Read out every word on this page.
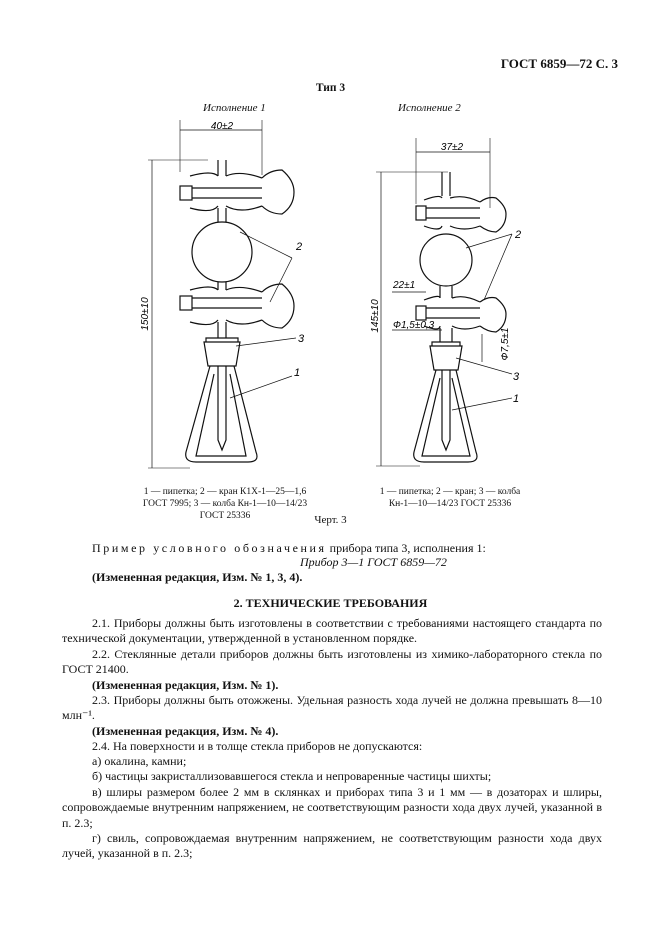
ГОСТ 6859—72 С. 3
Тип 3
Исполнение 1	Исполнение 2
40±2
150±10
2
3
1
37±2
145±10
22±1
Ф1,5±0,3
Ф7,5±1
2
3
1
1 — пипетка; 2 — кран К1Х-1—25—1,6
ГОСТ 7995; 3 — колба Кн-1—10—14/23
ГОСТ 25336
1 — пипетка; 2 — кран; 3 — колба
Кн-1—10—14/23 ГОСТ 25336
Черт. 3
Пример условного обозначения прибора типа 3, исполнения 1:
Прибор 3—1 ГОСТ 6859—72
(Измененная редакция, Изм. № 1, 3, 4).
2. ТЕХНИЧЕСКИЕ ТРЕБОВАНИЯ
2.1. Приборы должны быть изготовлены в соответствии с требованиями настоящего стандарта по технической документации, утвержденной в установленном порядке.
2.2. Стеклянные детали приборов должны быть изготовлены из химико-лабораторного стекла по ГОСТ 21400.
(Измененная редакция, Изм. № 1).
2.3. Приборы должны быть отожжены. Удельная разность хода лучей не должна превышать 8—10 млн⁻¹.
(Измененная редакция, Изм. № 4).
2.4. На поверхности и в толще стекла приборов не допускаются:
а) окалина, камни;
б) частицы закристаллизовавшегося стекла и непроваренные частицы шихты;
в) шлиры размером более 2 мм в склянках и приборах типа 3 и 1 мм — в дозаторах и шлиры, сопровождаемые внутренним напряжением, не соответствующим разности хода двух лучей, указанной в п. 2.3;
г) свиль, сопровождаемая внутренним напряжением, не соответствующим разности хода двух лучей, указанной в п. 2.3;
